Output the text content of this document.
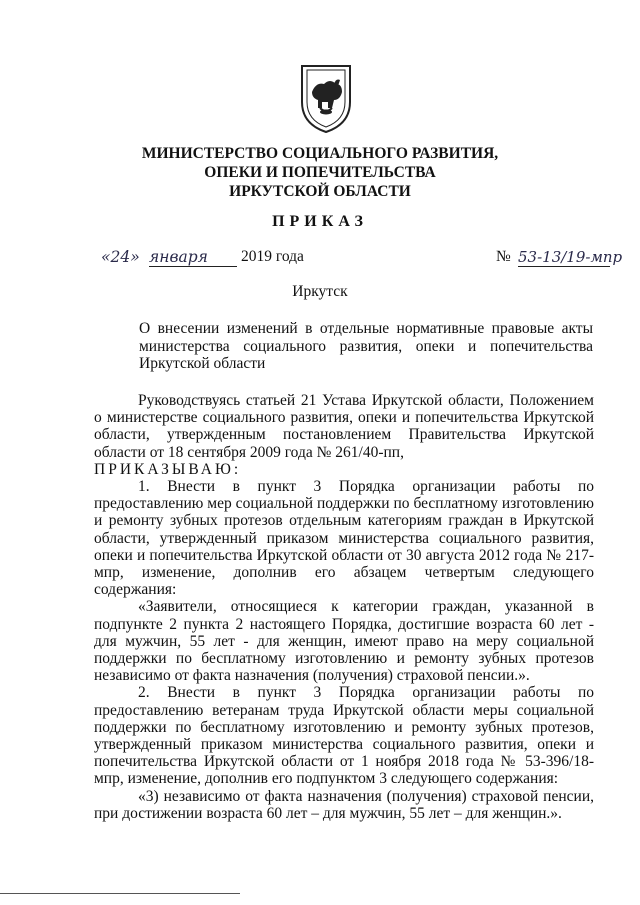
МИНИСТЕРСТВО СОЦИАЛЬНОГО РАЗВИТИЯ,
ОПЕКИ И ПОПЕЧИТЕЛЬСТВА
ИРКУТСКОЙ ОБЛАСТИ
ПРИКАЗ
«24» января 2019 года	№ 53-13/19-мпр
Иркутск
О внесении изменений в отдельные нормативные правовые акты министерства социального развития, опеки и попечительства Иркутской области

Руководствуясь статьей 21 Устава Иркутской области, Положением о министерстве социального развития, опеки и попечительства Иркутской области, утвержденным постановлением Правительства Иркутской области от 18 сентября 2009 года № 261/40-пп,

ПРИКАЗЫВАЮ:

1. Внести в пункт 3 Порядка организации работы по предоставлению мер социальной поддержки по бесплатному изготовлению и ремонту зубных протезов отдельным категориям граждан в Иркутской области, утвержденный приказом министерства социального развития, опеки и попечительства Иркутской области от 30 августа 2012 года № 217-мпр, изменение, дополнив его абзацем четвертым следующего содержания:

«Заявители, относящиеся к категории граждан, указанной в подпункте 2 пункта 2 настоящего Порядка, достигшие возраста 60 лет - для мужчин, 55 лет - для женщин, имеют право на меру социальной поддержки по бесплатному изготовлению и ремонту зубных протезов независимо от факта назначения (получения) страховой пенсии.».

2. Внести в пункт 3 Порядка организации работы по предоставлению ветеранам труда Иркутской области меры социальной поддержки по бесплатному изготовлению и ремонту зубных протезов, утвержденный приказом министерства социального развития, опеки и попечительства Иркутской области от 1 ноября 2018 года № 53-396/18-мпр, изменение, дополнив его подпунктом 3 следующего содержания:

«3) независимо от факта назначения (получения) страховой пенсии, при достижении возраста 60 лет – для мужчин, 55 лет – для женщин.».
